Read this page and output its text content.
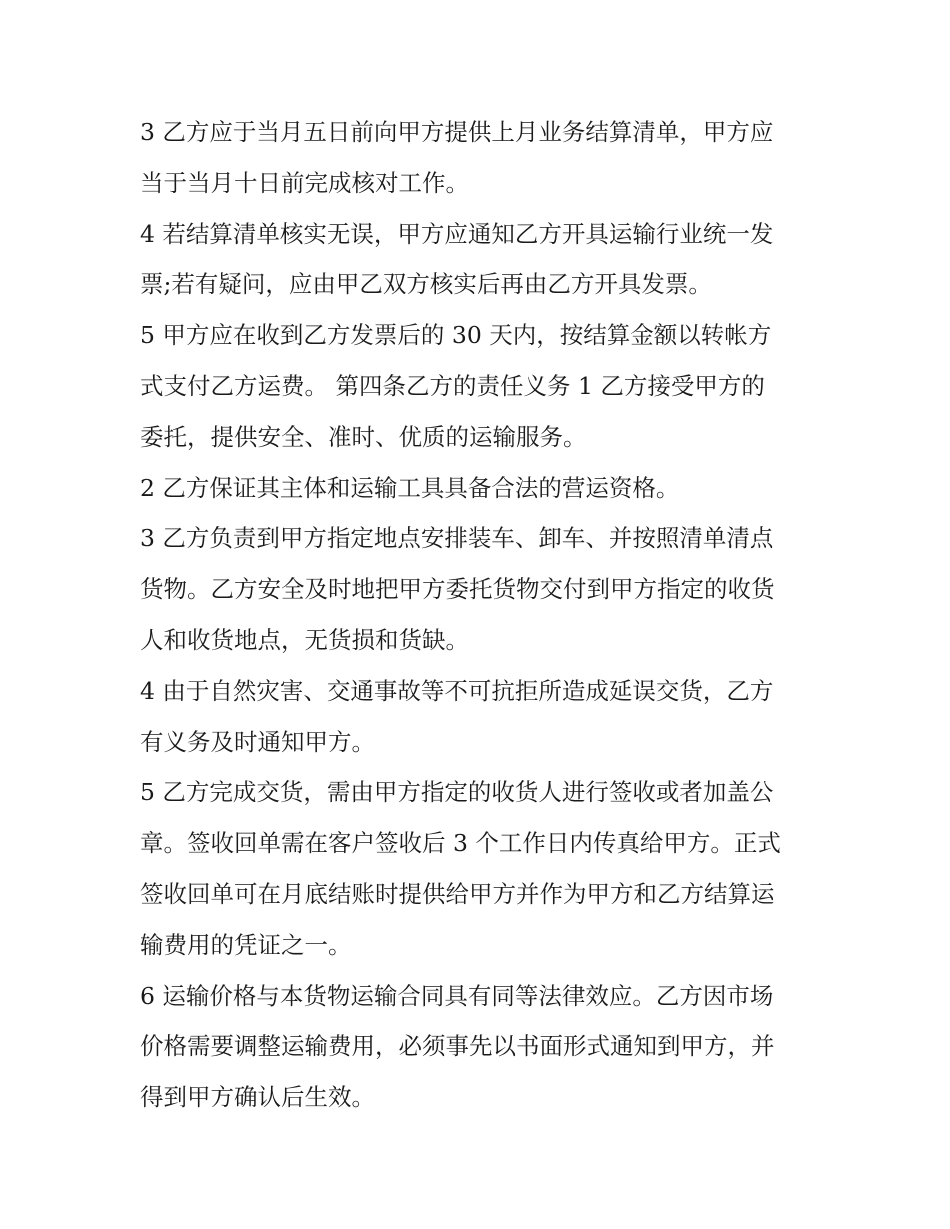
3 乙方应于当月五日前向甲方提供上月业务结算清单，甲方应
当于当月十日前完成核对工作。
4 若结算清单核实无误，甲方应通知乙方开具运输行业统一发
票;若有疑问，应由甲乙双方核实后再由乙方开具发票。
5 甲方应在收到乙方发票后的 30 天内，按结算金额以转帐方
式支付乙方运费。 第四条乙方的责任义务 1 乙方接受甲方的
委托，提供安全、准时、优质的运输服务。
2 乙方保证其主体和运输工具具备合法的营运资格。
3 乙方负责到甲方指定地点安排装车、卸车、并按照清单清点
货物。乙方安全及时地把甲方委托货物交付到甲方指定的收货
人和收货地点，无货损和货缺。
4 由于自然灾害、交通事故等不可抗拒所造成延误交货，乙方
有义务及时通知甲方。
5 乙方完成交货，需由甲方指定的收货人进行签收或者加盖公
章。签收回单需在客户签收后 3 个工作日内传真给甲方。正式
签收回单可在月底结账时提供给甲方并作为甲方和乙方结算运
输费用的凭证之一。
6 运输价格与本货物运输合同具有同等法律效应。乙方因市场
价格需要调整运输费用，必须事先以书面形式通知到甲方，并
得到甲方确认后生效。
